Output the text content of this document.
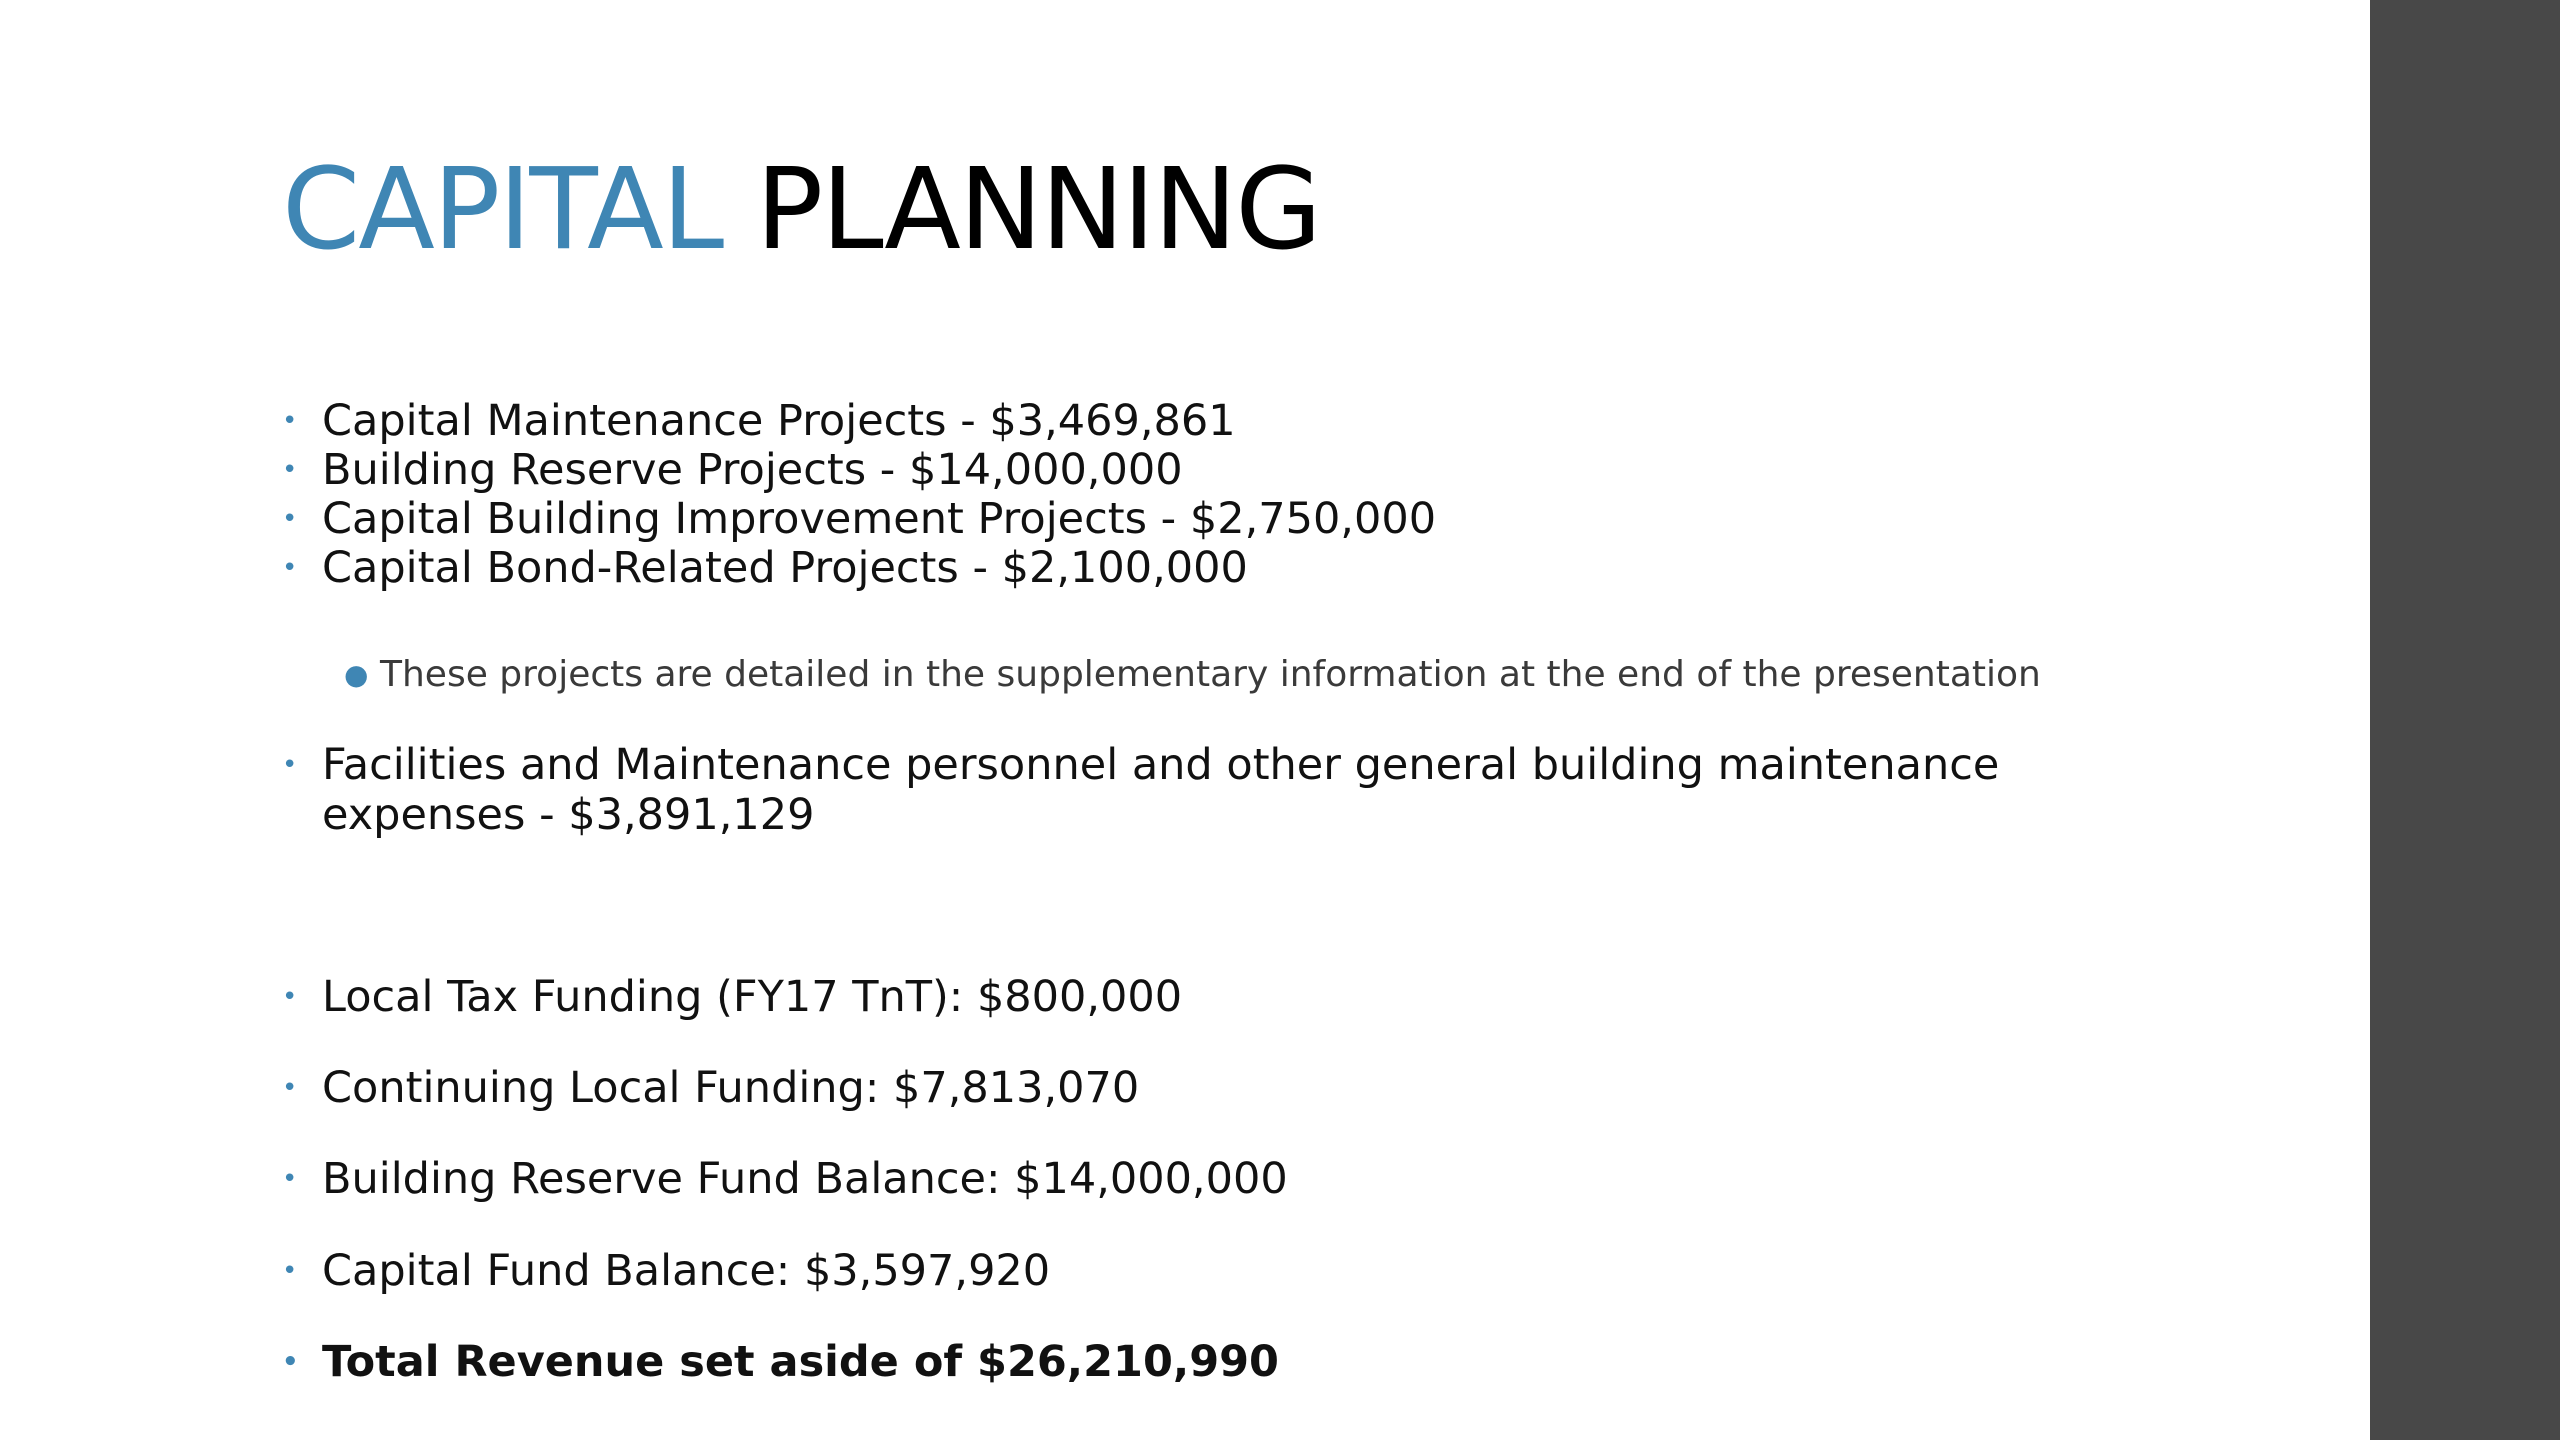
CAPITAL PLANNING
• Capital Maintenance Projects - $3,469,861
• Building Reserve Projects - $14,000,000
• Capital Building Improvement Projects - $2,750,000
• Capital Bond-Related Projects - $2,100,000
● These projects are detailed in the supplementary information at the end of the presentation
• Facilities and Maintenance personnel and other general building maintenance expenses - $3,891,129
• Local Tax Funding (FY17 TnT): $800,000
• Continuing Local Funding: $7,813,070
• Building Reserve Fund Balance: $14,000,000
• Capital Fund Balance: $3,597,920
• Total Revenue set aside of $26,210,990
